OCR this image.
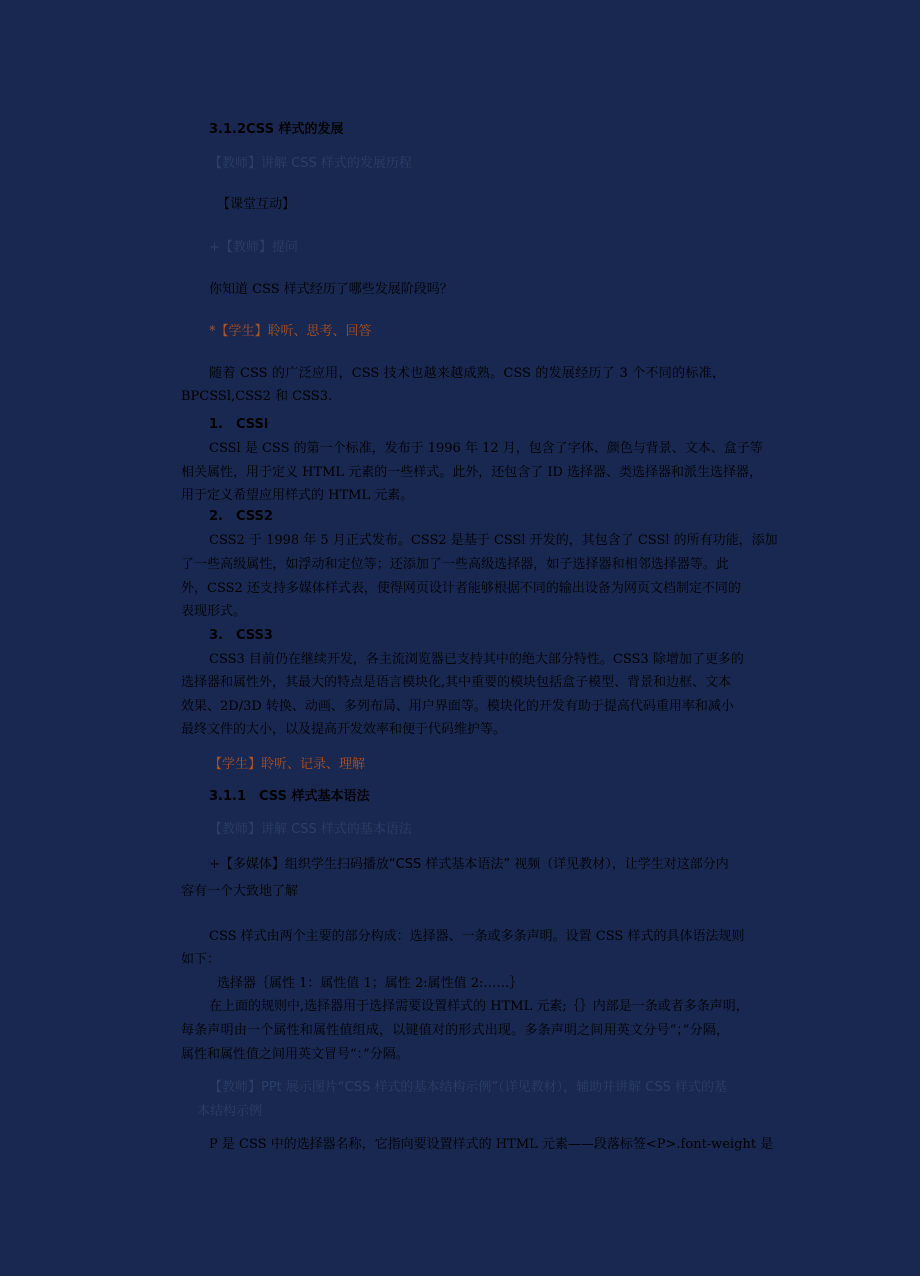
3.1.2CSS 样式的发展
【教师】讲解 CSS 样式的发展历程
【课堂互动】
+【教师】提问
你知道 CSS 样式经历了哪些发展阶段吗？
*【学生】聆听、思考、回答
随着 CSS 的广泛应用，CSS 技术也越来越成熟。CSS 的发展经历了 3 个不同的标准，
BPCSSl,CSS2 和 CSS3.
1.　CSSl
CSSl 是 CSS 的第一个标准，发布于 1996 年 12 月，包含了字体、颜色与背景、文本、盒子等
相关属性，用于定义 HTML 元素的一些样式。此外，还包含了 ID 选择器、类选择器和派生选择器，
用于定义希望应用样式的 HTML 元素。
2.　CSS2
CSS2 于 1998 年 5 月正式发布。CSS2 是基于 CSSl 开发的，其包含了 CSSl 的所有功能，添加
了一些高级属性，如浮动和定位等；还添加了一些高级选择器，如子选择器和相邻选择器等。此
外，CSS2 还支持多媒体样式表，使得网页设计者能够根据不同的输出设备为网页文档制定不同的
表现形式。
3.　CSS3
CSS3 目前仍在继续开发，各主流浏览器已支持其中的绝大部分特性。CSS3 除增加了更多的
选择器和属性外，其最大的特点是语言模块化,其中重要的模块包括盒子模型、背景和边框、文本
效果、2D/3D 转换、动画、多列布局、用户界面等。模块化的开发有助于提高代码重用率和减小
最终文件的大小，以及提高开发效率和便于代码维护等。
【学生】聆听、记录、理解
3.1.1　CSS 样式基本语法
【教师】讲解 CSS 样式的基本语法
+【多媒体】组织学生扫码播放“CSS 样式基本语法” 视频（详见教材），让学生对这部分内
容有一个大致地了解
CSS 样式由两个主要的部分构成：选择器、一条或多条声明。设置 CSS 样式的具体语法规则
如下：
选择器｛属性 1：属性值 1；属性 2:属性值 2:……｝
在上面的规则中,选择器用于选择需要设置样式的 HTML 元素;｛｝内部是一条或者多条声明，
每条声明由一个属性和属性值组成，以键值对的形式出现。多条声明之间用英文分号“；”分隔，
属性和属性值之间用英文冒号“：”分隔。
【教师】PPt 展示图片“CSS 样式的基本结构示例”（详见教材），辅助并讲解 CSS 样式的基
本结构示例
P 是 CSS 中的选择器名称，它指向要设置样式的 HTML 元素——段落标签<P>.font-weight 是
